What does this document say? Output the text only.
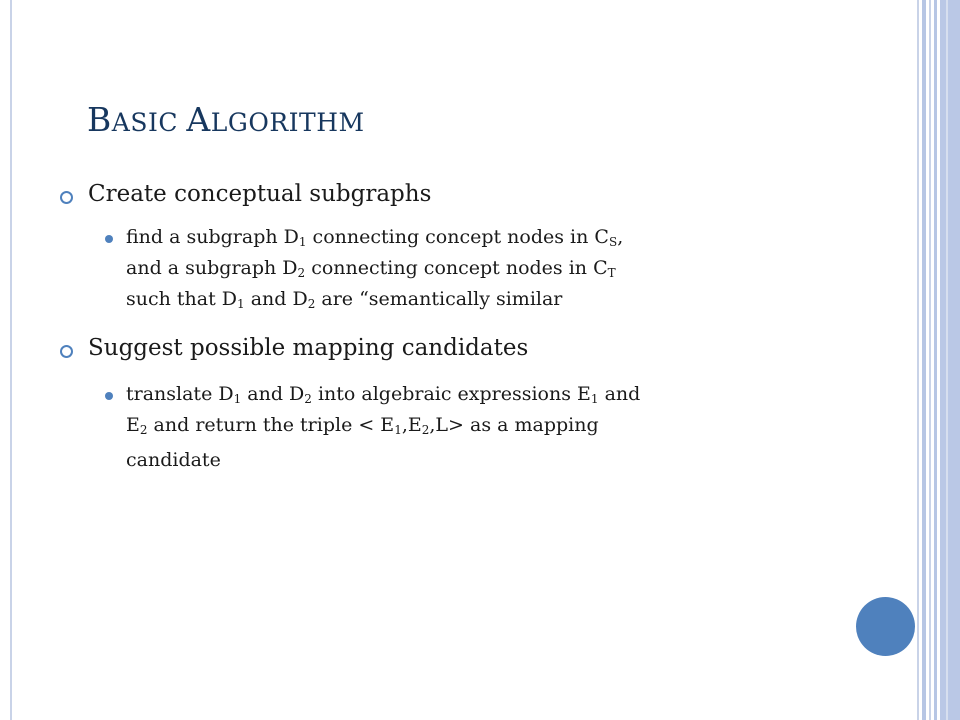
BASIC ALGORITHM
Create conceptual subgraphs
find a subgraph $D_1$ connecting concept nodes in $C_S$,
and a subgraph $D_2$ connecting concept nodes in $C_T$
such that $D_1$ and $D_2$ are “semantically similar
Suggest possible mapping candidates
translate $D_1$ and $D_2$ into algebraic expressions $E_1$ and
$E_2$ and return the triple < $E_1,E_2,L>$ as a mapping
candidate
